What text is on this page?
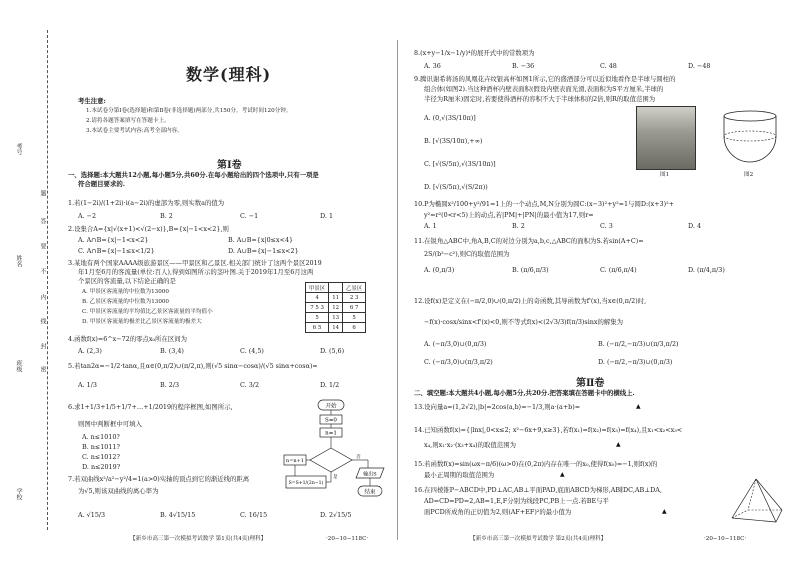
考号
姓名
班级
学校
题
答
要
不
内
线
封
密
数学(理科)
考生注意:
1.本试卷分第Ⅰ卷(选择题)和第Ⅱ卷(非选择题)两部分,共150分。考试时间120分钟。
2.请将各题答案填写在答题卡上。
3.本试卷主要考试内容:高考全部内容。
第Ⅰ卷
一、选择题:本大题共12小题,每小题5分,共60分.在每小题给出的四个选项中,只有一项是
符合题目要求的.
1.若(1−2i)/(1+2i)·i(a−2i)的虚部为零,则实数a的值为
A. −2	B. 2	C. −1	D. 1
2.设集合A={x|√(x+1)<√(2−x)},B={x|−1<x<2},则
A. A∩B={x|−1<x<2}	B. A∪B={x|0≤x<4}
C. A∩B={x|−1≤x<1/2}	D. A∪B={x|−1≤x<2}
3.某地有两个国家AAAA级旅游景区——甲景区和乙景区.相关部门统计了这两个景区2019
年1月至6月的客流量(单位:百人),得到如图所示的茎叶图.关于2019年1月至6月这两
个景区的客流量,以下结论正确的是
A. 甲景区客流量的中位数为13000
B. 乙景区客流量的中位数为13000
C. 甲景区客流量的平均值比乙景区客流量的平均值小
D. 甲景区客流量的极差比乙景区客流量的极差大
甲景区		乙景区
4	11	2 3
7 5 3	12	6 7
5	13	5
6 5	14	6
4.函数f(x)=6^x−72的零点x₀所在区间为
A. (2,3)	B. (3,4)	C. (4,5)	D. (5,6)
5.若tan2α=−1/2·tanα,且α∈(0,π/2)∪(π/2,π),则(√5 sinα−cosα)/(√5 sinα+cosα)=
A. 1/3	B. 2/3	C. 3/2	D. 1/2
6.求1+1/3+1/5+1/7+…+1/2019的程序框图,如图所示,
则图中判断框中可填入
A. n≤1010?
B. n≤1011?
C. n≤1012?
D. n≤2019?
开始
S=0
n=1
n=n+1
S=S+1/(2n−1)
是
否
输出S
结束
7.若双曲线x²/a²−y²/4=1(a>0)实轴的顶点到它的渐近线的距离
为√5,则该双曲线的离心率为
A. √15/3	B. 4√15/15	C. 16/15	D. 2√15/5
【新乡市高三第一次模拟考试数学 第1页(共4页)理科】	·20−10−118C·
8.(x+y−1/x−1/y)⁴的展开式中的常数项为
A. 36	B. −36	C. 48	D. −48
9.腾讯谢希蒋汤的凤凰花卉纹银高杯如图1所示,它的盛酒部分可以近似地看作是半球与圆柱的
组合体(如图2).当这种酒杯内壁表面积(假设内壁表面光滑,表面积为S平方厘米,半球的
半径为R厘米)固定时,若要使得酒杯的容积不大于半球体积的2倍,则R的取值范围为
A. (0,√(3S/10π)]
B. [√(3S/10π),+∞)
C. [√(S/5π),√(3S/10π)]
D. [√(S/5π),√(S/2π))
图1	图2
10.P为椭圆x²/100+y²/91=1上的一个动点,M,N分别为圆C:(x−3)²+y²=1与圆D:(x+3)²+
y²=r²(0<r<5)上的动点,若|PM|+|PN|的最小值为17,则r=
A. 1	B. 2	C. 3	D. 4
11.在锐角△ABC中,角A,B,C的对边分别为a,b,c,△ABC的面积为S.若sin(A+C)=
2S/(b²−c²),则C的取值范围为
A. (0,π/3)	B. (π/6,π/3)	C. (π/6,π/4)	D. (π/4,π/3)
12.设f(x)是定义在(−π/2,0)∪(0,π/2)上的奇函数,其导函数为f'(x),当x∈(0,π/2)时,
−f(x)·cosx/sinx<f'(x)<0,则不等式f(x)<(2√3/3)f(π/3)sinx的解集为
A. (−π/3,0)∪(0,π/3)	B. (−π/2,−π/3)∪(π/3,π/2)
C. (−π/3,0)∪(π/3,π/2)	D. (−π/2,−π/3)∪(0,π/3)
第Ⅱ卷
二、填空题:本大题共4小题,每小题5分,共20分.把答案填在答题卡中的横线上.
13.设向量a=(1,2√2),|b|=2cos⟨a,b⟩=−1/3,则a·(a+b)=	▲
14.已知函数f(x)={|lnx|,0<x≤2; x²−6x+9,x≥3},若f(x₁)=f(x₂)=f(x₃)=f(x₄),且x₁<x₂<x₃<
x₄,则x₁·x₂·(x₃+x₄)的取值范围为	▲
15.若函数f(x)=sin(ωx−π/6)(ω>0)在(0,2π)内存在唯一的x₀,使得f(x₀)=−1,则f(x)的
最小正周期的取值范围为	▲
16.在四棱锥P−ABCD中,PD⊥AC,AB⊥平面PAD,底面ABCD为梯形,AB∥DC,AB⊥DA,
AD=CD=PD=2,AB=1,E,F分别为线段PC,PB上一点.若BE与平
面PCD所成角的正切值为2,则(AF+EF)²的最小值为	▲
【新乡市高三第一次模拟考试数学 第2页(共4页)理科】	·20−10−118C·
